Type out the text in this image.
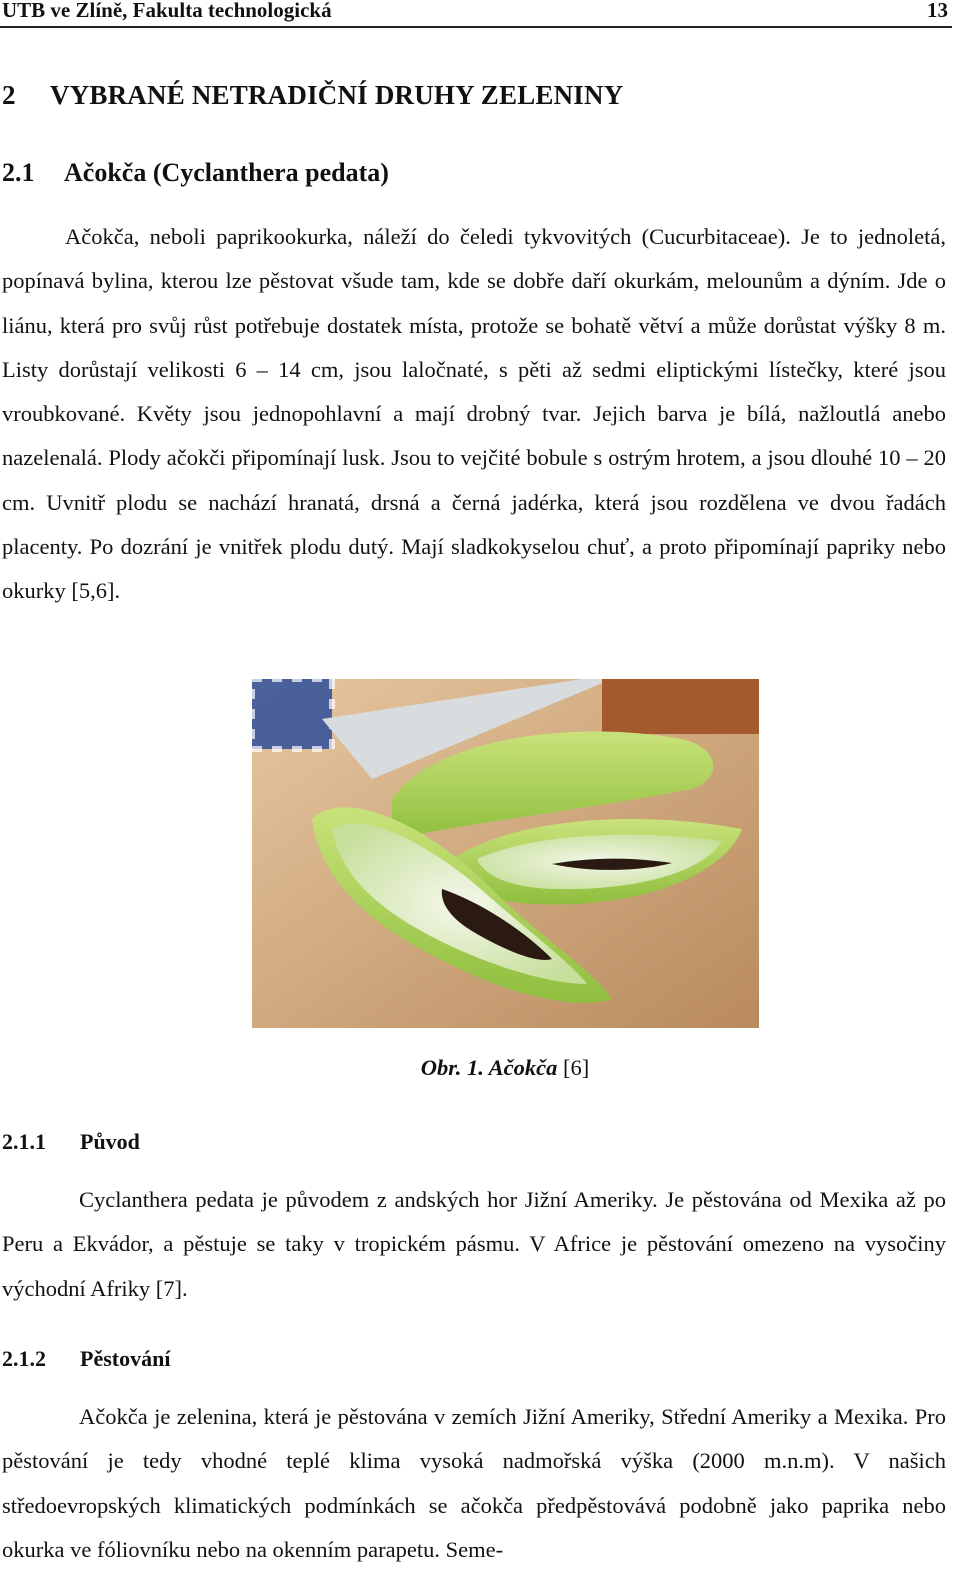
UTB ve Zlíně, Fakulta technologická	13
2 VYBRANÉ NETRADIČNÍ DRUHY ZELENINY
2.1 Ačokča (Cyclanthera pedata)

Ačokča, neboli paprikookurka, náleží do čeledi tykvovitých (Cucurbitaceae). Je to jednoletá, popínavá bylina, kterou lze pěstovat všude tam, kde se dobře daří okurkám, melounům a dýním. Jde o liánu, která pro svůj růst potřebuje dostatek místa, protože se bohatě větví a může dorůstat výšky 8 m. Listy dorůstají velikosti 6 – 14 cm, jsou laločnaté, s pěti až sedmi eliptickými lístečky, které jsou vroubkované. Květy jsou jednopohlavní a mají drobný tvar. Jejich barva je bílá, nažloutlá anebo nazelenalá. Plody ačokči připomínají lusk. Jsou to vejčité bobule s ostrým hrotem, a jsou dlouhé 10 – 20 cm. Uvnitř plodu se nachází hranatá, drsná a černá jadérka, která jsou rozdělena ve dvou řadách placenty. Po dozrání je vnitřek plodu dutý. Mají sladkokyselou chuť, a proto připomínají papriky nebo okurky [5,6].

Obr. 1. Ačokča [6]
2.1.1 Původ

Cyclanthera pedata je původem z andských hor Jižní Ameriky. Je pěstována od Mexika až po Peru a Ekvádor, a pěstuje se taky v tropickém pásmu. V Africe je pěstování omezeno na vysočiny východní Afriky [7].

2.1.2 Pěstování

Ačokča je zelenina, která je pěstována v zemích Jižní Ameriky, Střední Ameriky a Mexika. Pro pěstování je tedy vhodné teplé klima vysoká nadmořská výška (2000 m.n.m). V našich středoevropských klimatických podmínkách se ačokča předpěstovává podobně jako paprika nebo okurka ve fóliovníku nebo na okenním parapetu. Seme-
